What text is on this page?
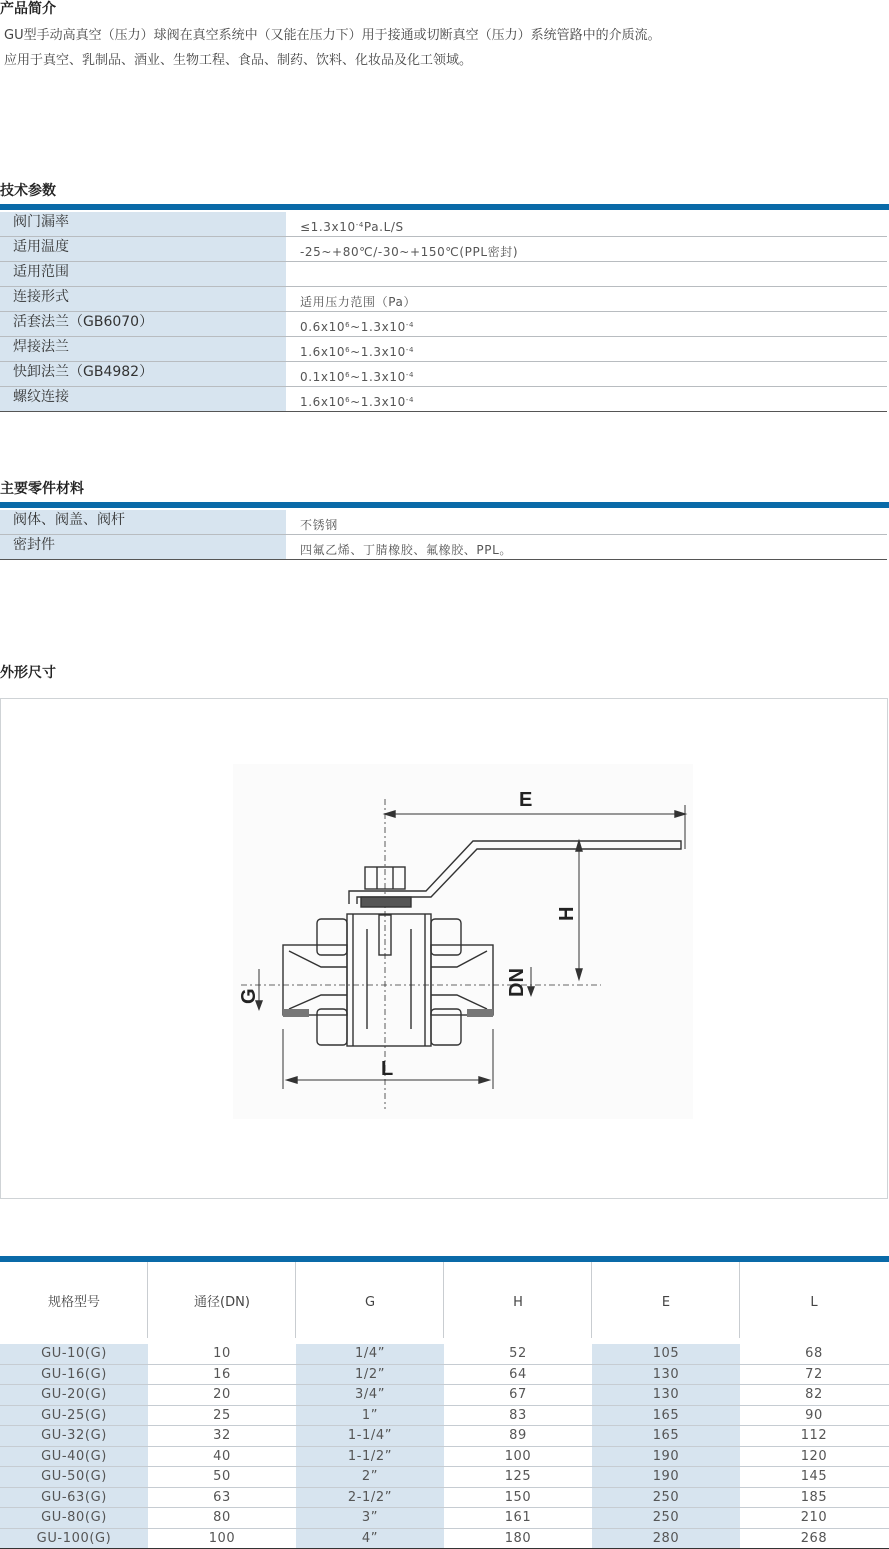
产品简介

GU型手动高真空（压力）球阀在真空系统中（又能在压力下）用于接通或切断真空（压力）系统管路中的介质流。

应用于真空、乳制品、酒业、生物工程、食品、制药、饮料、化妆品及化工领域。

技术参数
阀门漏率	$\le 1.3x10^{-4}Pa.L/S$
适用温度	-25~+80℃/-30~+150℃(PPL密封)
适用范围
连接形式	适用压力范围（Pa）
活套法兰（GB6070）	$0.6x10^6\sim 1.3x10^{-4}$
焊接法兰	$1.6x10^6\sim 1.3x10^{-4}$
快卸法兰（GB4982）	$0.1x10^6\sim 1.3x10^{-4}$
螺纹连接	$1.6x10^6\sim 1.3x10^{-4}$
主要零件材料
阀体、阀盖、阀杆	不锈钢
密封件	四氟乙烯、丁腈橡胶、氟橡胶、PPL。
外形尺寸
E
H
DN
G
L
规格型号	通径(DN)	G	H	E	L
GU-10(G)	10	1/4”	52	105	68
GU-16(G)	16	1/2”	64	130	72
GU-20(G)	20	3/4”	67	130	82
GU-25(G)	25	1”	83	165	90
GU-32(G)	32	1-1/4”	89	165	112
GU-40(G)	40	1-1/2”	100	190	120
GU-50(G)	50	2”	125	190	145
GU-63(G)	63	2-1/2”	150	250	185
GU-80(G)	80	3”	161	250	210
GU-100(G)	100	4”	180	280	268
